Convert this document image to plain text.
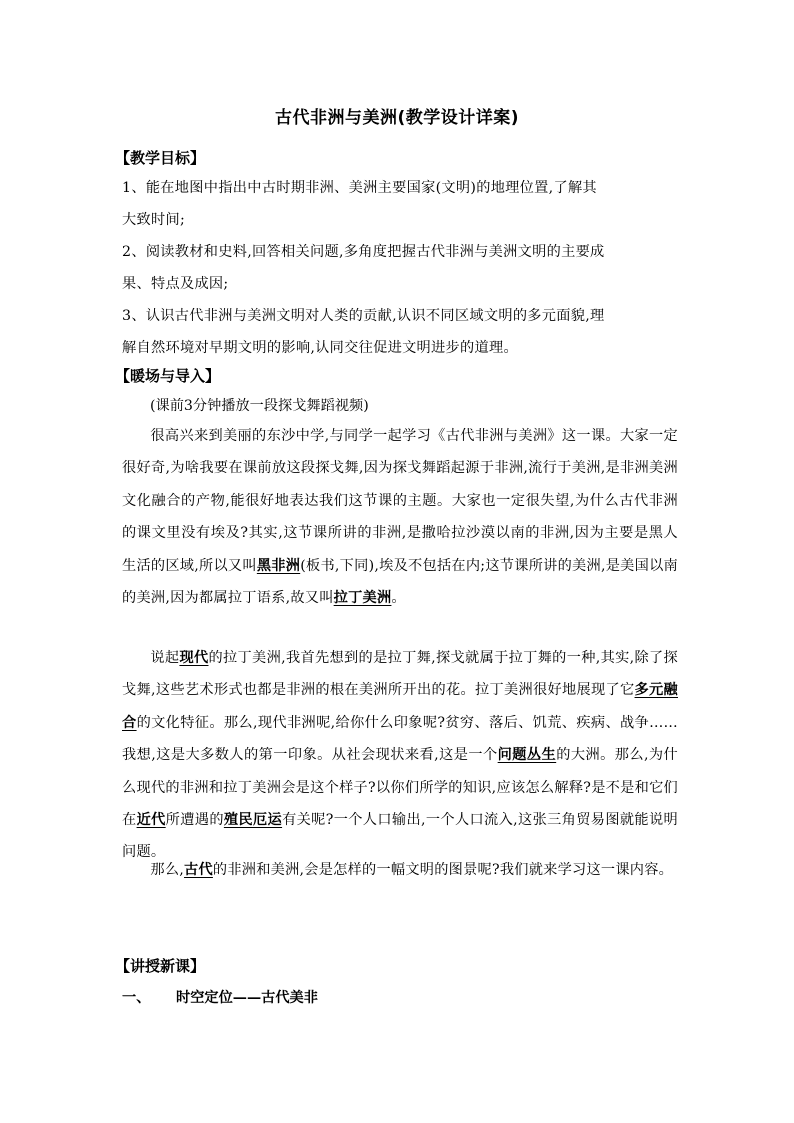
古代非洲与美洲(教学设计详案)
【教学目标】
1、能在地图中指出中古时期非洲、美洲主要国家(文明)的地理位置,了解其
大致时间;
2、阅读教材和史料,回答相关问题,多角度把握古代非洲与美洲文明的主要成
果、特点及成因;
3、认识古代非洲与美洲文明对人类的贡献,认识不同区域文明的多元面貌,理
解自然环境对早期文明的影响,认同交往促进文明进步的道理。
【暖场与导入】
(课前3分钟播放一段探戈舞蹈视频)
很高兴来到美丽的东沙中学,与同学一起学习《古代非洲与美洲》这一课。大家一定很好奇,为啥我要在课前放这段探戈舞,因为探戈舞蹈起源于非洲,流行于美洲,是非洲美洲文化融合的产物,能很好地表达我们这节课的主题。大家也一定很失望,为什么古代非洲的课文里没有埃及?其实,这节课所讲的非洲,是撒哈拉沙漠以南的非洲,因为主要是黑人生活的区域,所以又叫黑非洲(板书,下同),埃及不包括在内;这节课所讲的美洲,是美国以南的美洲,因为都属拉丁语系,故又叫拉丁美洲。
说起现代的拉丁美洲,我首先想到的是拉丁舞,探戈就属于拉丁舞的一种,其实,除了探戈舞,这些艺术形式也都是非洲的根在美洲所开出的花。拉丁美洲很好地展现了它多元融合的文化特征。那么,现代非洲呢,给你什么印象呢?贫穷、落后、饥荒、疾病、战争……我想,这是大多数人的第一印象。从社会现状来看,这是一个问题丛生的大洲。那么,为什么现代的非洲和拉丁美洲会是这个样子?以你们所学的知识,应该怎么解释?是不是和它们在近代所遭遇的殖民厄运有关呢?一个人口输出,一个人口流入,这张三角贸易图就能说明问题。
那么,古代的非洲和美洲,会是怎样的一幅文明的图景呢?我们就来学习这一课内容。
【讲授新课】
一、 时空定位——古代美非
